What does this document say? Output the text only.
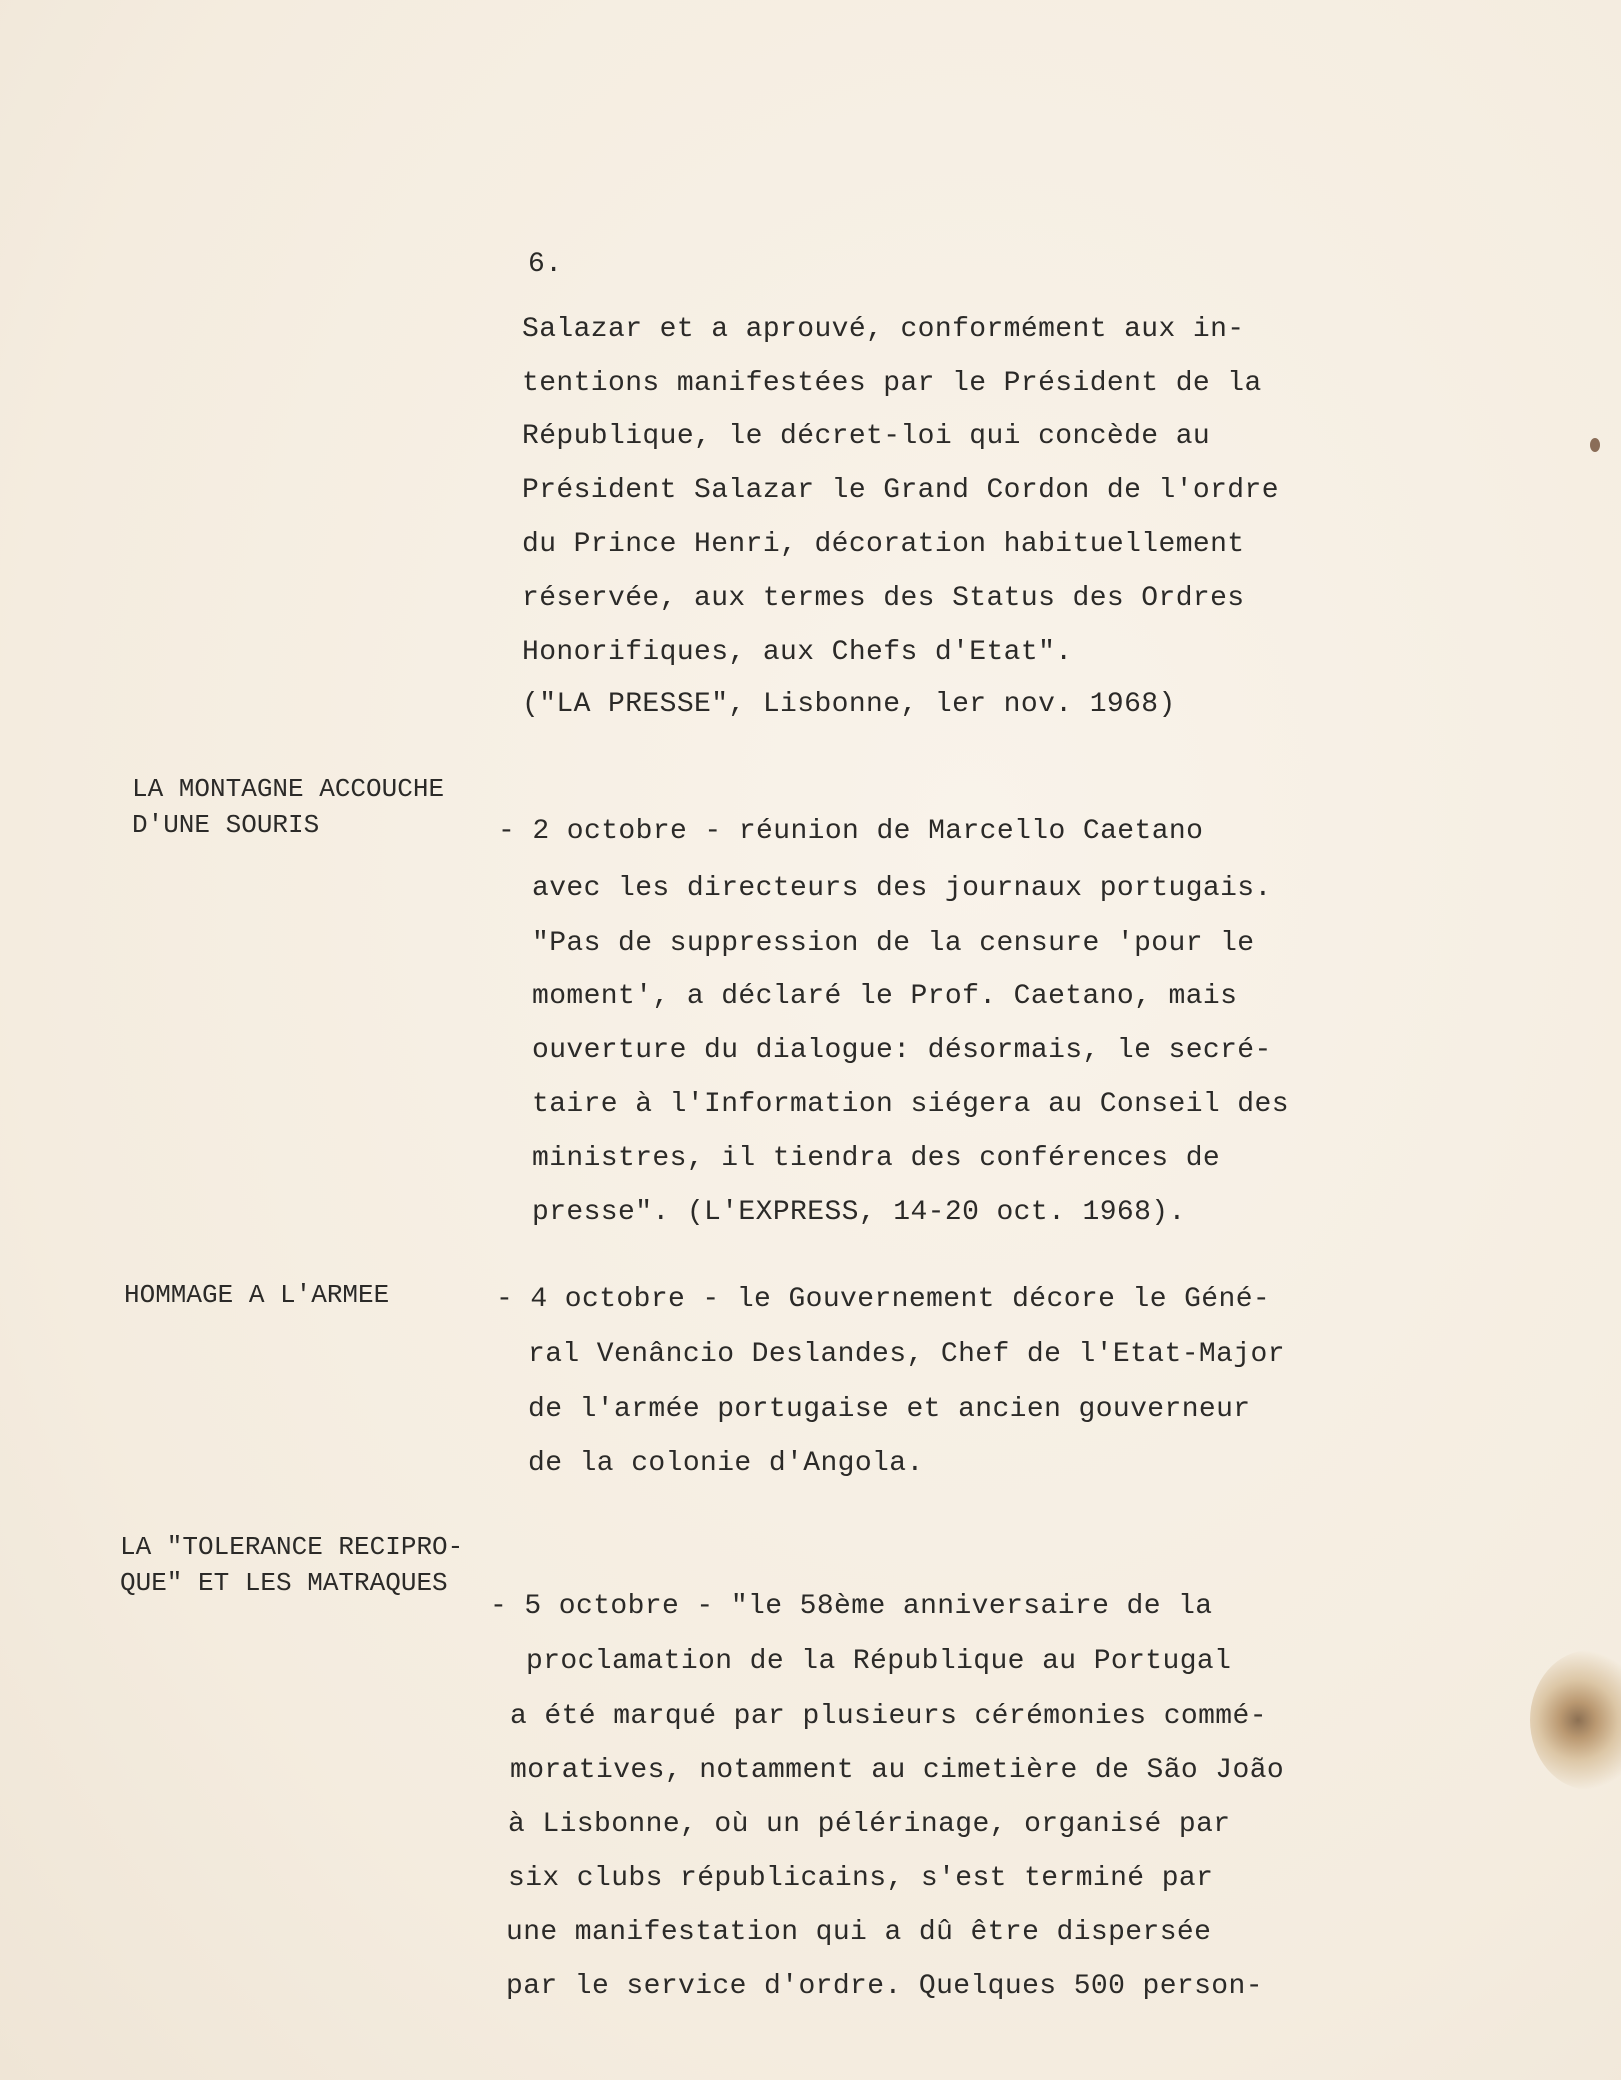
6.
Salazar et a aprouvé, conformément aux in-
tentions manifestées par le Président de la
République, le décret-loi qui concède au
Président Salazar le Grand Cordon de l'ordre
du Prince Henri, décoration habituellement
réservée, aux termes des Status des Ordres
Honorifiques, aux Chefs d'Etat".
("LA PRESSE", Lisbonne, ler nov. 1968)
LA MONTAGNE ACCOUCHE
D'UNE SOURIS	- 2 octobre - réunion de Marcello Caetano
avec les directeurs des journaux portugais.
"Pas de suppression de la censure 'pour le
moment', a déclaré le Prof. Caetano, mais
ouverture du dialogue: désormais, le secré-
taire à l'Information siégera au Conseil des
ministres, il tiendra des conférences de
presse". (L'EXPRESS, 14-20 oct. 1968).
HOMMAGE A L'ARMEE	- 4 octobre - le Gouvernement décore le Géné-
ral Venâncio Deslandes, Chef de l'Etat-Major
de l'armée portugaise et ancien gouverneur
de la colonie d'Angola.
LA "TOLERANCE RECIPRO-
QUE" ET LES MATRAQUES
- 5 octobre - "le 58ème anniversaire de la
proclamation de la République au Portugal
a été marqué par plusieurs cérémonies commé-
moratives, notamment au cimetière de São João
à Lisbonne, où un pélérinage, organisé par
six clubs républicains, s'est terminé par
une manifestation qui a dû être dispersée
par le service d'ordre. Quelques 500 person-
